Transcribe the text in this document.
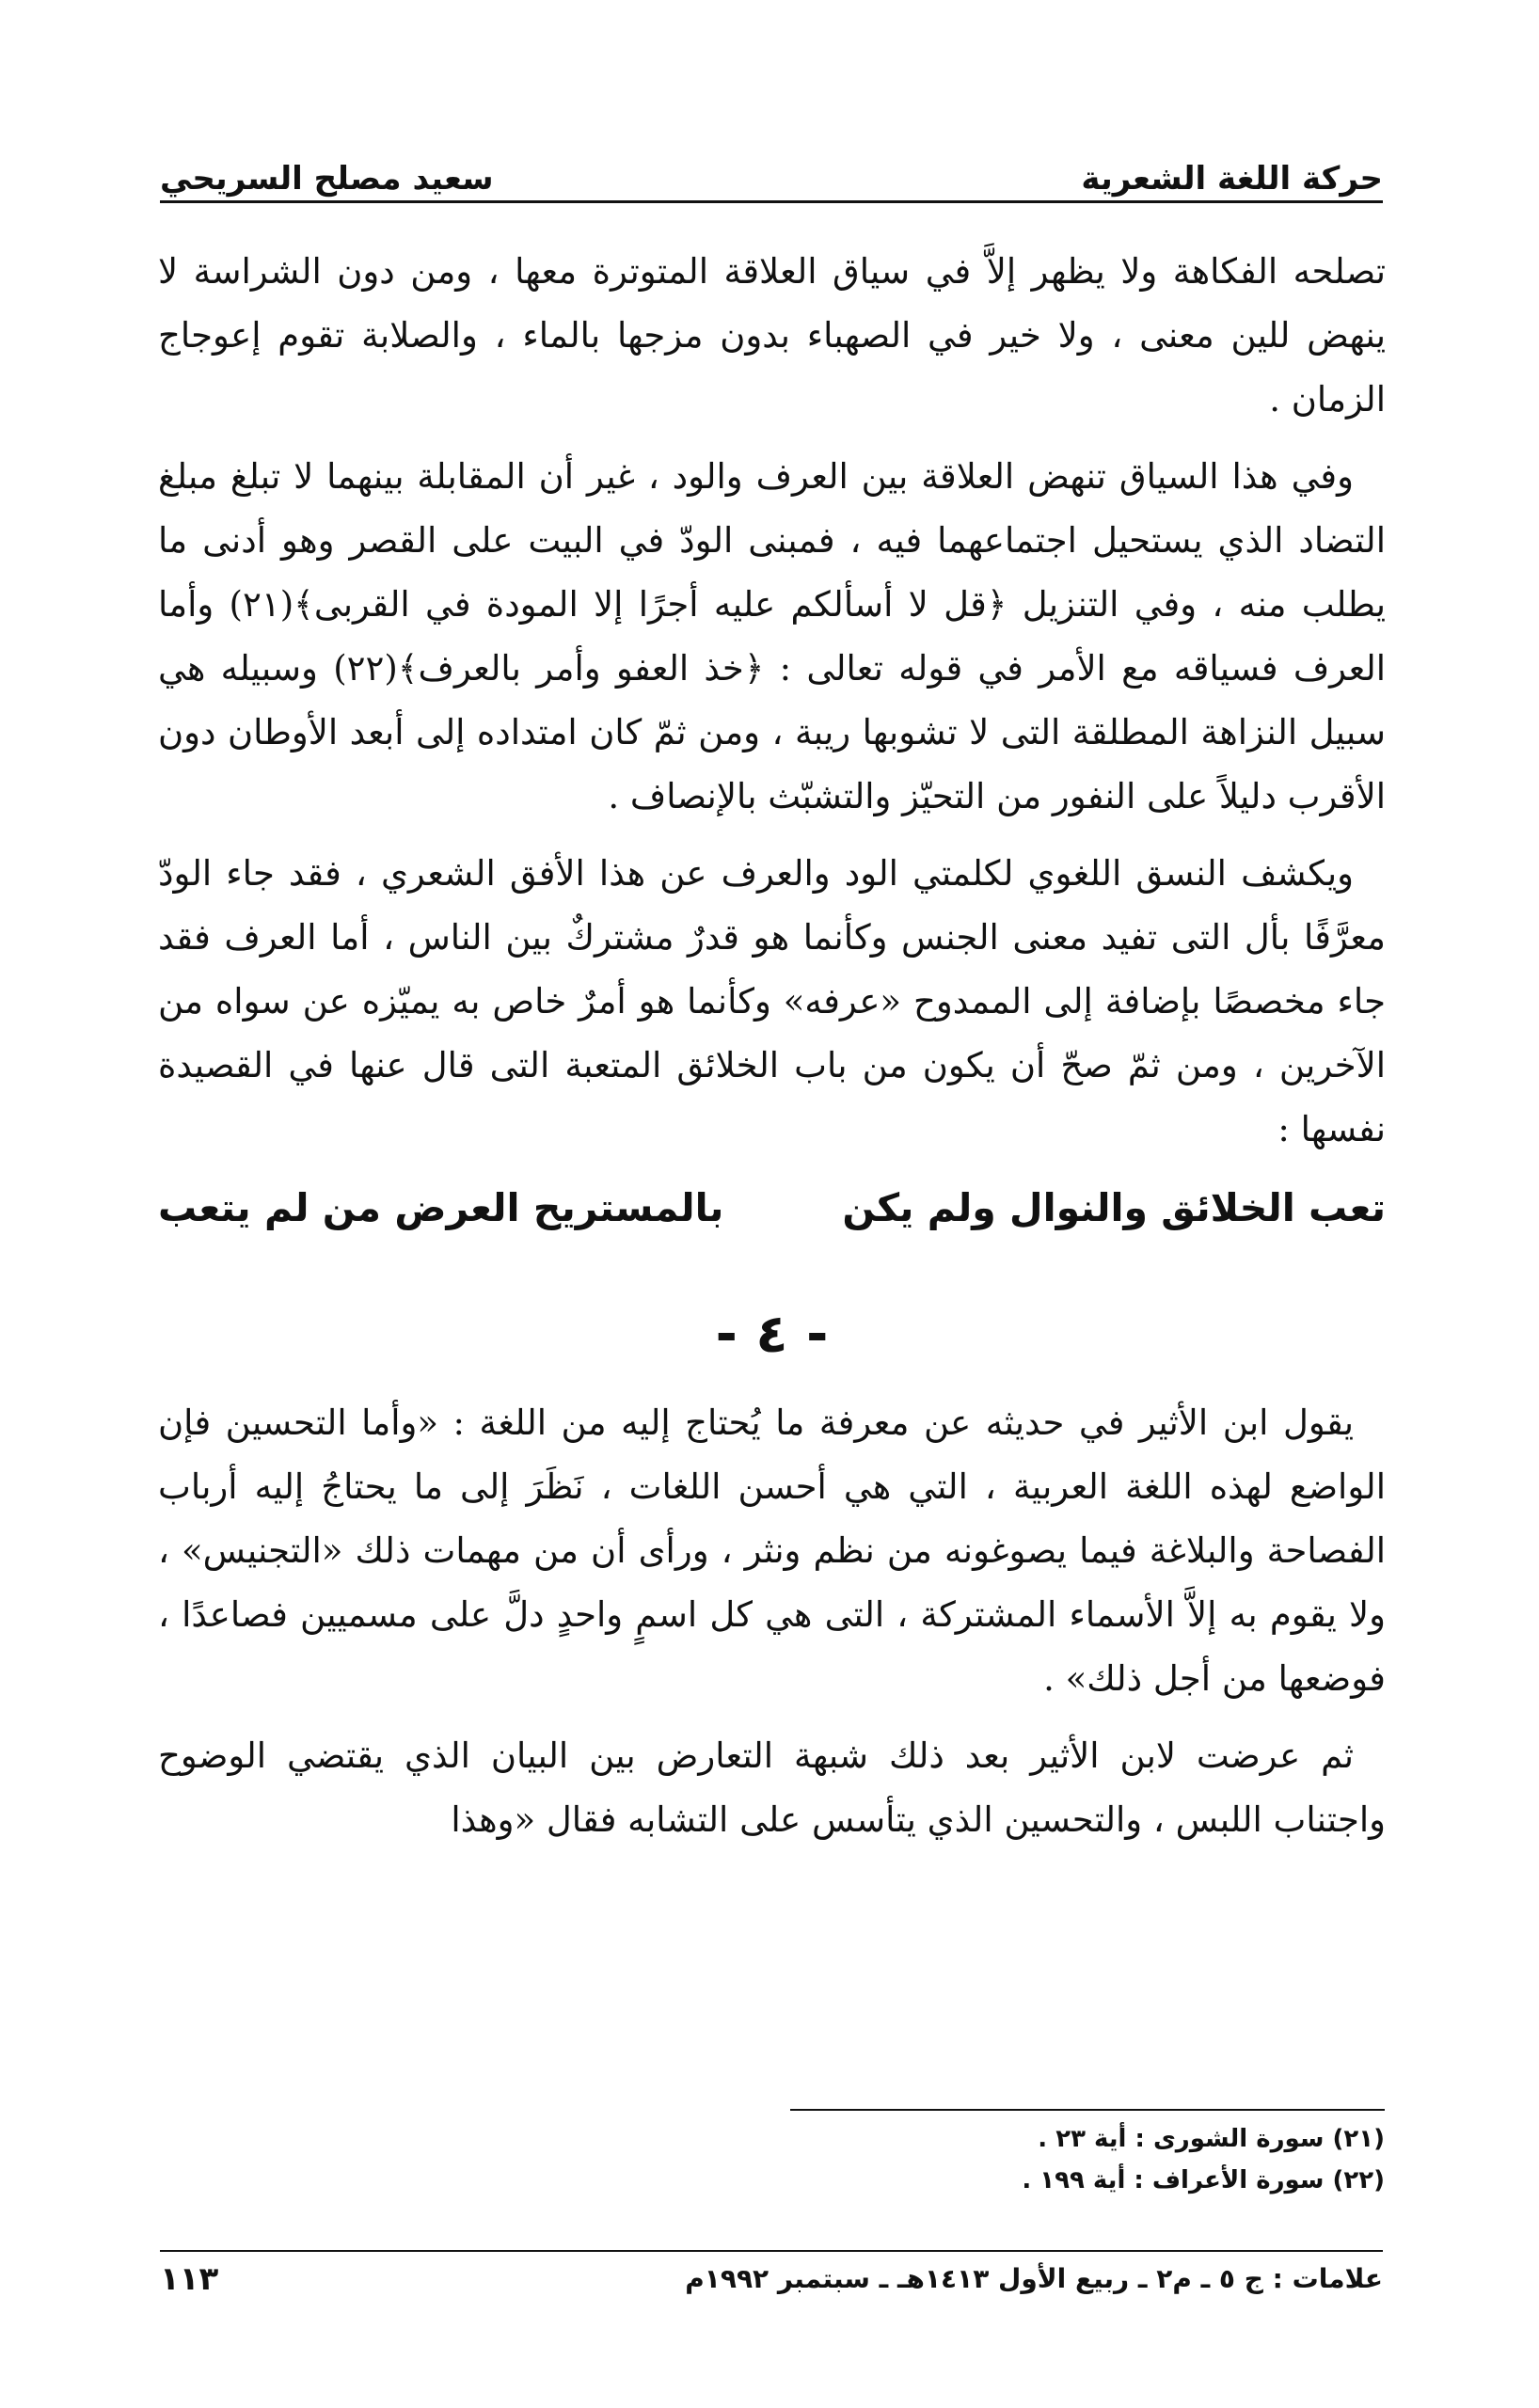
حركة اللغة الشعرية
سعيد مصلح السريحي

تصلحه الفكاهة ولا يظهر إلاَّ في سياق العلاقة المتوترة معها ، ومن دون الشراسة لا ينهض للين معنى ، ولا خير في الصهباء بدون مزجها بالماء ، والصلابة تقوم إعوجاج الزمان .

وفي هذا السياق تنهض العلاقة بين العرف والود ، غير أن المقابلة بينهما لا تبلغ مبلغ التضاد الذي يستحيل اجتماعهما فيه ، فمبنى الودّ في البيت على القصر وهو أدنى ما يطلب منه ، وفي التنزيل ﴿قل لا أسألكم عليه أجرًا إلا المودة في القربى﴾(٢١) وأما العرف فسياقه مع الأمر في قوله تعالى : ﴿خذ العفو وأمر بالعرف﴾(٢٢) وسبيله هي سبيل النزاهة المطلقة التى لا تشوبها ريبة ، ومن ثمّ كان امتداده إلى أبعد الأوطان دون الأقرب دليلاً على النفور من التحيّز والتشبّث بالإنصاف .

ويكشف النسق اللغوي لكلمتي الود والعرف عن هذا الأفق الشعري ، فقد جاء الودّ معرَّفًا بأل التى تفيد معنى الجنس وكأنما هو قدرٌ مشتركٌ بين الناس ، أما العرف فقد جاء مخصصًا بإضافة إلى الممدوح «عرفه» وكأنما هو أمرٌ خاص به يميّزه عن سواه من الآخرين ، ومن ثمّ صحّ أن يكون من باب الخلائق المتعبة التى قال عنها في القصيدة نفسها :

تعب الخلائق والنوال ولم يكن
بالمستريح العرض من لم يتعب
- ٤ -

يقول ابن الأثير في حديثه عن معرفة ما يُحتاج إليه من اللغة : «وأما التحسين فإن الواضع لهذه اللغة العربية ، التي هي أحسن اللغات ، نَظَرَ إلى ما يحتاجُ إليه أرباب الفصاحة والبلاغة فيما يصوغونه من نظم ونثر ، ورأى أن من مهمات ذلك «التجنيس» ، ولا يقوم به إلاَّ الأسماء المشتركة ، التى هي كل اسمٍ واحدٍ دلَّ على مسميين فصاعدًا ، فوضعها من أجل ذلك» .

ثم عرضت لابن الأثير بعد ذلك شبهة التعارض بين البيان الذي يقتضي الوضوح واجتناب اللبس ، والتحسين الذي يتأسس على التشابه فقال «وهذا

(٢١) سورة الشورى : أية ٢٣ .
(٢٢) سورة الأعراف : أية ١٩٩ .
علامات : ج ٥ ـ م٢ ـ ربيع الأول ١٤١٣هـ ـ سبتمبر ١٩٩٢م
١١٣
